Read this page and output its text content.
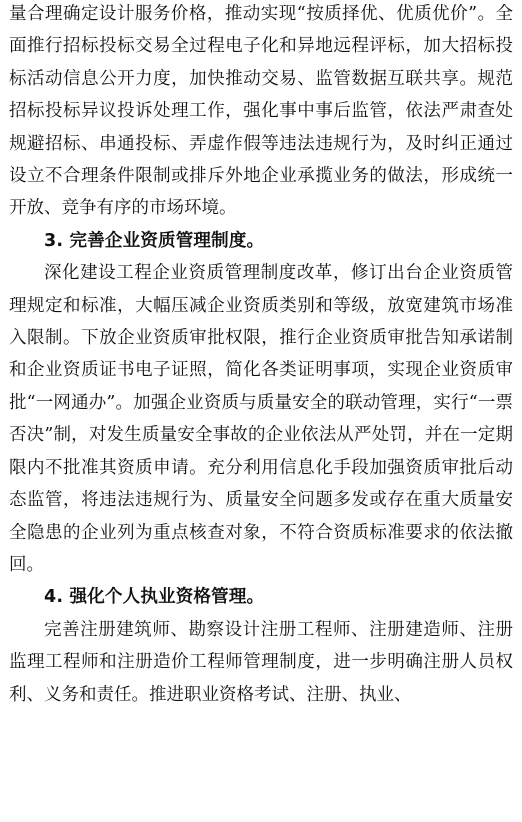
量合理确定设计服务价格，推动实现“按质择优、优质优价”。全面推行招标投标交易全过程电子化和异地远程评标，加大招标投标活动信息公开力度，加快推动交易、监管数据互联共享。规范招标投标异议投诉处理工作，强化事中事后监管，依法严肃查处规避招标、串通投标、弄虚作假等违法违规行为，及时纠正通过设立不合理条件限制或排斥外地企业承揽业务的做法，形成统一开放、竞争有序的市场环境。

3. 完善企业资质管理制度。

深化建设工程企业资质管理制度改革，修订出台企业资质管理规定和标准，大幅压减企业资质类别和等级，放宽建筑市场准入限制。下放企业资质审批权限，推行企业资质审批告知承诺制和企业资质证书电子证照，简化各类证明事项，实现企业资质审批“一网通办”。加强企业资质与质量安全的联动管理，实行“一票否决”制，对发生质量安全事故的企业依法从严处罚，并在一定期限内不批准其资质申请。充分利用信息化手段加强资质审批后动态监管，将违法违规行为、质量安全问题多发或存在重大质量安全隐患的企业列为重点核查对象，不符合资质标准要求的依法撤回。

4. 强化个人执业资格管理。

完善注册建筑师、勘察设计注册工程师、注册建造师、注册监理工程师和注册造价工程师管理制度，进一步明确注册人员权利、义务和责任。推进职业资格考试、注册、执业、
